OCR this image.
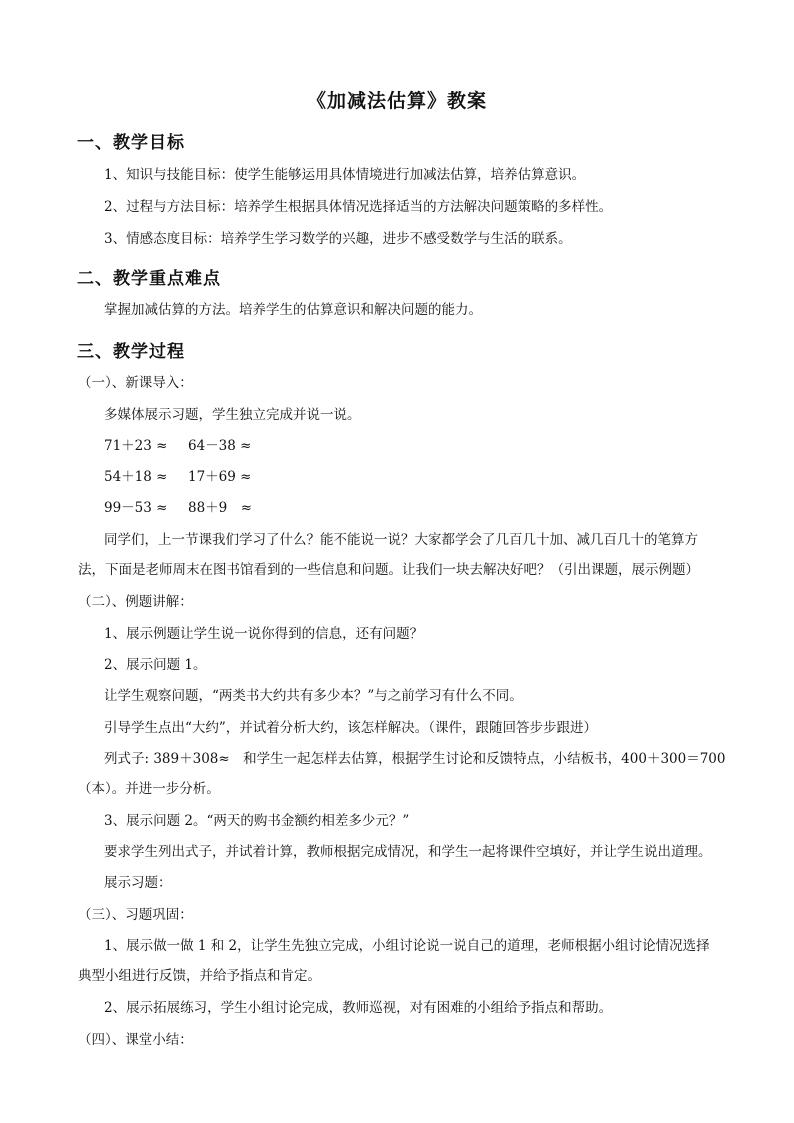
《加减法估算》教案
一、教学目标
1、知识与技能目标：使学生能够运用具体情境进行加减法估算，培养估算意识。
2、过程与方法目标：培养学生根据具体情况选择适当的方法解决问题策略的多样性。
3、情感态度目标：培养学生学习数学的兴趣，进步不感受数学与生活的联系。
二、教学重点难点
掌握加减估算的方法。培养学生的估算意识和解决问题的能力。
三、教学过程
（一）、新课导入：
多媒体展示习题，学生独立完成并说一说。
71＋23 ≈ 64－38 ≈
54＋18 ≈ 17＋69 ≈
99－53 ≈ 88＋9　≈
同学们，上一节课我们学习了什么？能不能说一说？大家都学会了几百几十加、减几百几十的笔算方
法，下面是老师周末在图书馆看到的一些信息和问题。让我们一块去解决好吧？（引出课题，展示例题）
（二）、例题讲解：
1、展示例题让学生说一说你得到的信息，还有问题？
2、展示问题 1。
让学生观察问题，“两类书大约共有多少本？”与之前学习有什么不同。
引导学生点出“大约”，并试着分析大约，该怎样解决。（课件，跟随回答步步跟进）
列式子: 389＋308≈　和学生一起怎样去估算，根据学生讨论和反馈特点，小结板书，400＋300＝700
（本）。并进一步分析。
3、展示问题 2。“两天的购书金额约相差多少元？”
要求学生列出式子，并试着计算，教师根据完成情况，和学生一起将课件空填好，并让学生说出道理。
展示习题：
（三）、习题巩固：
1、展示做一做 1 和 2，让学生先独立完成，小组讨论说一说自己的道理，老师根据小组讨论情况选择
典型小组进行反馈，并给予指点和肯定。
2、展示拓展练习，学生小组讨论完成，教师巡视，对有困难的小组给予指点和帮助。
（四）、课堂小结：
